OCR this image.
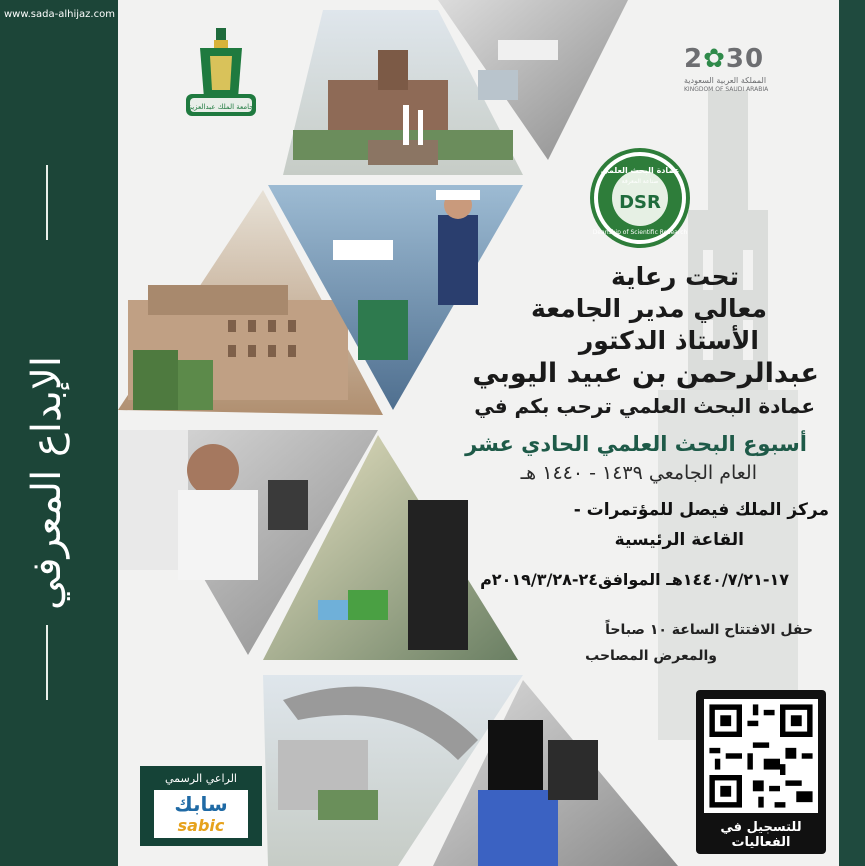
www.sada-alhijaz.com
الإبداع المعرفي
جامعة الملك عبدالعزيز
2✿30
المملكة العربية السعودية
KINGDOM OF SAUDI ARABIA
عمادة البحث العلمي
صناعة المعرفة
DSR
Deanship of Scientific Research
تحت رعاية
معالي مدير الجامعة
الأستاذ الدكتور
عبدالرحمن بن عبيد اليوبي
عمادة البحث العلمي ترحب بكم في
أسبوع البحث العلمي الحادي عشر
العام الجامعي ١٤٣٩ - ١٤٤٠ هـ
مركز الملك فيصل للمؤتمرات -
القاعة الرئيسية
١٧-١٤٤٠/٧/٢١هـ الموافق٢٤-٢٠١٩/٣/٢٨م
حفل الافتتاح الساعة ١٠ صباحاً
والمعرض المصاحب
للتسجيل في الفعاليات
الراعي الرسمي
سابك
sabic
